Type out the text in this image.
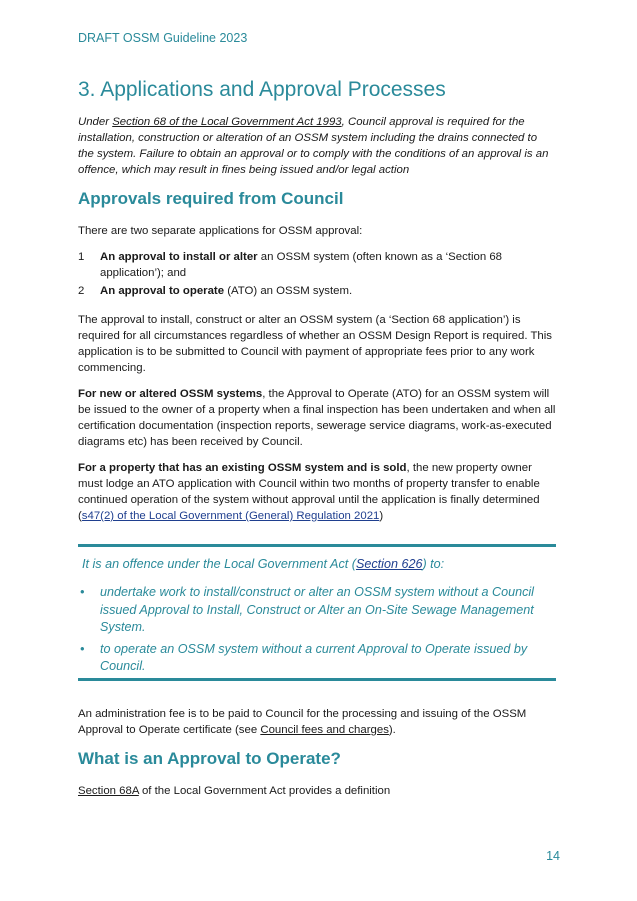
DRAFT OSSM Guideline 2023
3. Applications and Approval Processes
Under Section 68 of the Local Government Act 1993, Council approval is required for the installation, construction or alteration of an OSSM system including the drains connected to the system. Failure to obtain an approval or to comply with the conditions of an approval is an offence, which may result in fines being issued and/or legal action
Approvals required from Council
There are two separate applications for OSSM approval:
1 An approval to install or alter an OSSM system (often known as a ‘Section 68 application’); and
2 An approval to operate (ATO) an OSSM system.
The approval to install, construct or alter an OSSM system (a ‘Section 68 application’) is required for all circumstances regardless of whether an OSSM Design Report is required. This application is to be submitted to Council with payment of appropriate fees prior to any work commencing.
For new or altered OSSM systems, the Approval to Operate (ATO) for an OSSM system will be issued to the owner of a property when a final inspection has been undertaken and when all certification documentation (inspection reports, sewerage service diagrams, work-as-executed diagrams etc) has been received by Council.
For a property that has an existing OSSM system and is sold, the new property owner must lodge an ATO application with Council within two months of property transfer to enable continued operation of the system without approval until the application is finally determined (s47(2) of the Local Government (General) Regulation 2021)
It is an offence under the Local Government Act (Section 626) to:
• undertake work to install/construct or alter an OSSM system without a Council issued Approval to Install, Construct or Alter an On-Site Sewage Management System.
• to operate an OSSM system without a current Approval to Operate issued by Council.
An administration fee is to be paid to Council for the processing and issuing of the OSSM Approval to Operate certificate (see Council fees and charges).
What is an Approval to Operate?
Section 68A of the Local Government Act provides a definition
14
